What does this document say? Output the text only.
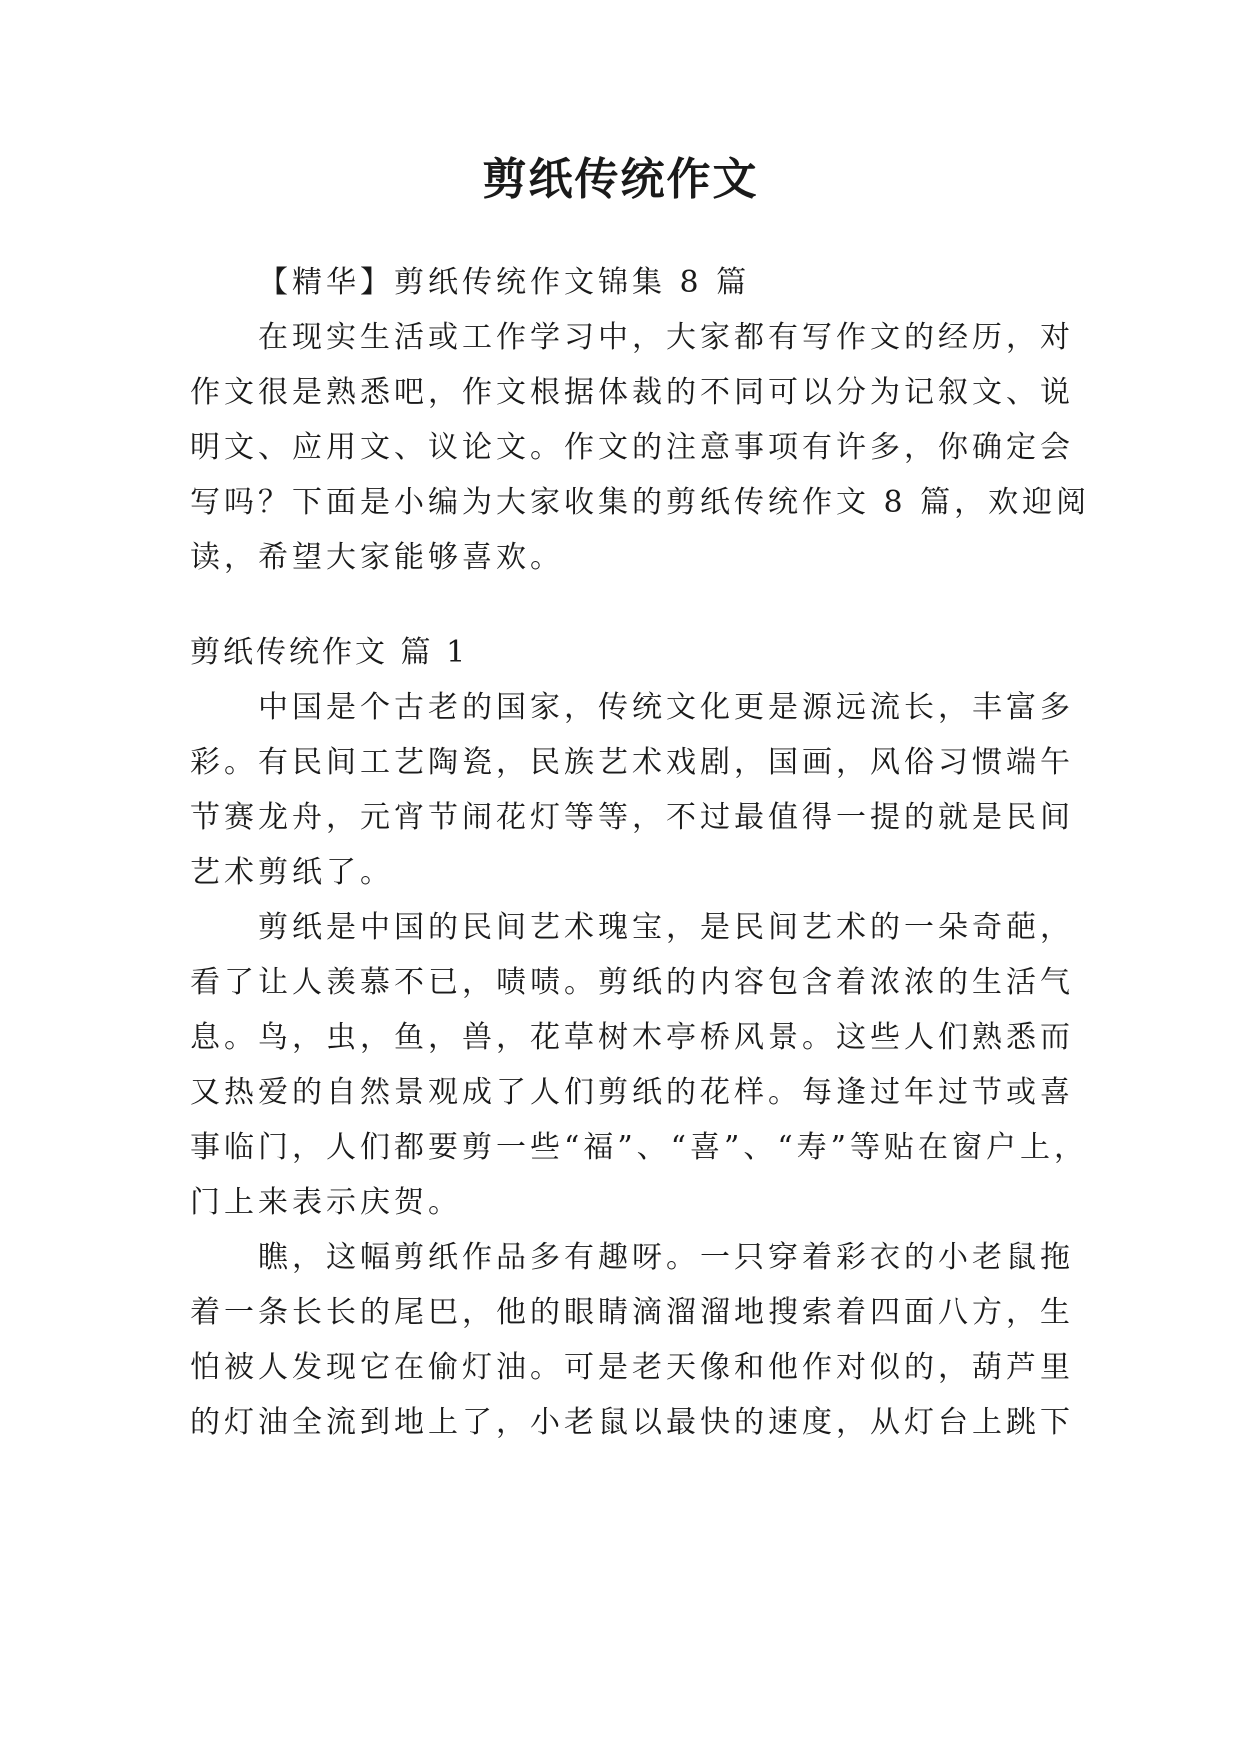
剪纸传统作文
【精华】剪纸传统作文锦集 8 篇
在现实生活或工作学习中，大家都有写作文的经历，对
作文很是熟悉吧，作文根据体裁的不同可以分为记叙文、说
明文、应用文、议论文。作文的注意事项有许多，你确定会
写吗？下面是小编为大家收集的剪纸传统作文 8 篇，欢迎阅
读，希望大家能够喜欢。
剪纸传统作文 篇 1
中国是个古老的国家，传统文化更是源远流长，丰富多
彩。有民间工艺陶瓷，民族艺术戏剧，国画，风俗习惯端午
节赛龙舟，元宵节闹花灯等等，不过最值得一提的就是民间
艺术剪纸了。
剪纸是中国的民间艺术瑰宝，是民间艺术的一朵奇葩，
看了让人羡慕不已，啧啧。剪纸的内容包含着浓浓的生活气
息。鸟，虫，鱼，兽，花草树木亭桥风景。这些人们熟悉而
又热爱的自然景观成了人们剪纸的花样。每逢过年过节或喜
事临门，人们都要剪一些“福”、“喜”、“寿”等贴在窗户上，
门上来表示庆贺。
瞧，这幅剪纸作品多有趣呀。一只穿着彩衣的小老鼠拖
着一条长长的尾巴，他的眼睛滴溜溜地搜索着四面八方，生
怕被人发现它在偷灯油。可是老天像和他作对似的，葫芦里
的灯油全流到地上了，小老鼠以最快的速度，从灯台上跳下
